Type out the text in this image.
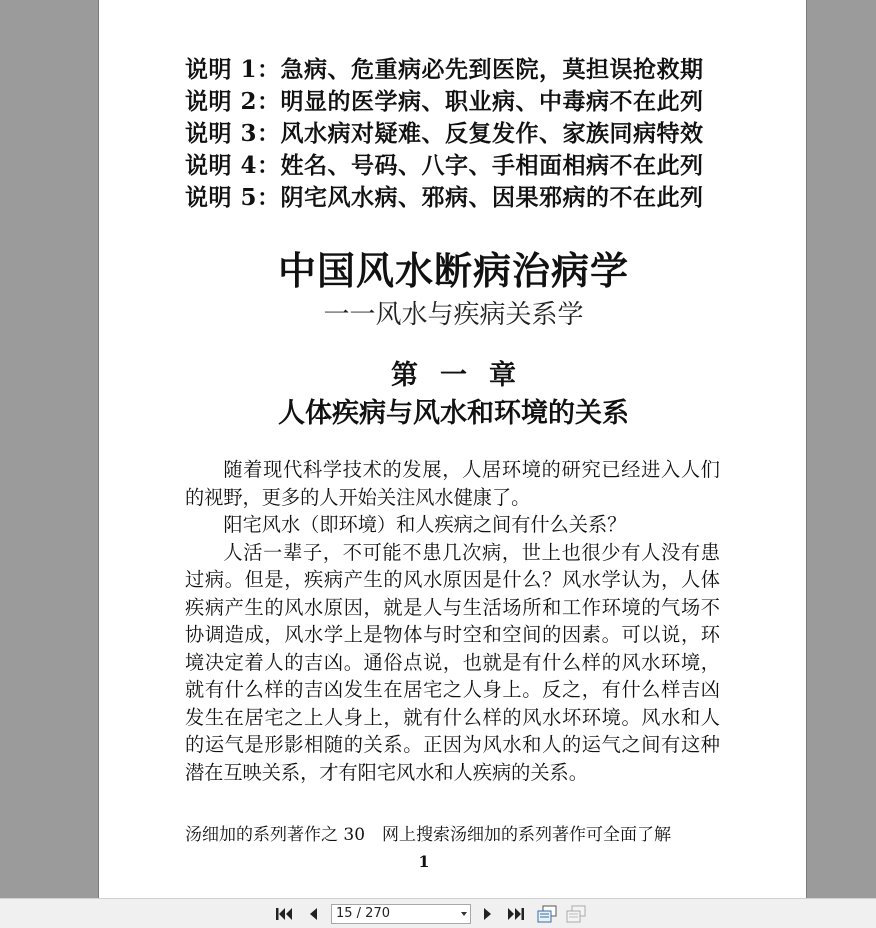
说明 1：急病、危重病必先到医院，莫担误抢救期
说明 2：明显的医学病、职业病、中毒病不在此列
说明 3：风水病对疑难、反复发作、家族同病特效
说明 4：姓名、号码、八字、手相面相病不在此列
说明 5：阴宅风水病、邪病、因果邪病的不在此列
中国风水断病治病学
一一风水与疾病关系学
第一章
人体疾病与风水和环境的关系

随着现代科学技术的发展，人居环境的研究已经进入人们的视野，更多的人开始关注风水健康了。

阳宅风水（即环境）和人疾病之间有什么关系？

人活一辈子，不可能不患几次病，世上也很少有人没有患过病。但是，疾病产生的风水原因是什么？风水学认为，人体疾病产生的风水原因，就是人与生活场所和工作环境的气场不协调造成，风水学上是物体与时空和空间的因素。可以说，环境决定着人的吉凶。通俗点说，也就是有什么样的风水环境，就有什么样的吉凶发生在居宅之人身上。反之，有什么样吉凶发生在居宅之上人身上，就有什么样的风水坏环境。风水和人的运气是形影相随的关系。正因为风水和人的运气之间有这种潜在互映关系，才有阳宅风水和人疾病的关系。

汤细加的系列著作之 30　网上搜索汤细加的系列著作可全面了解
1
15 / 270
